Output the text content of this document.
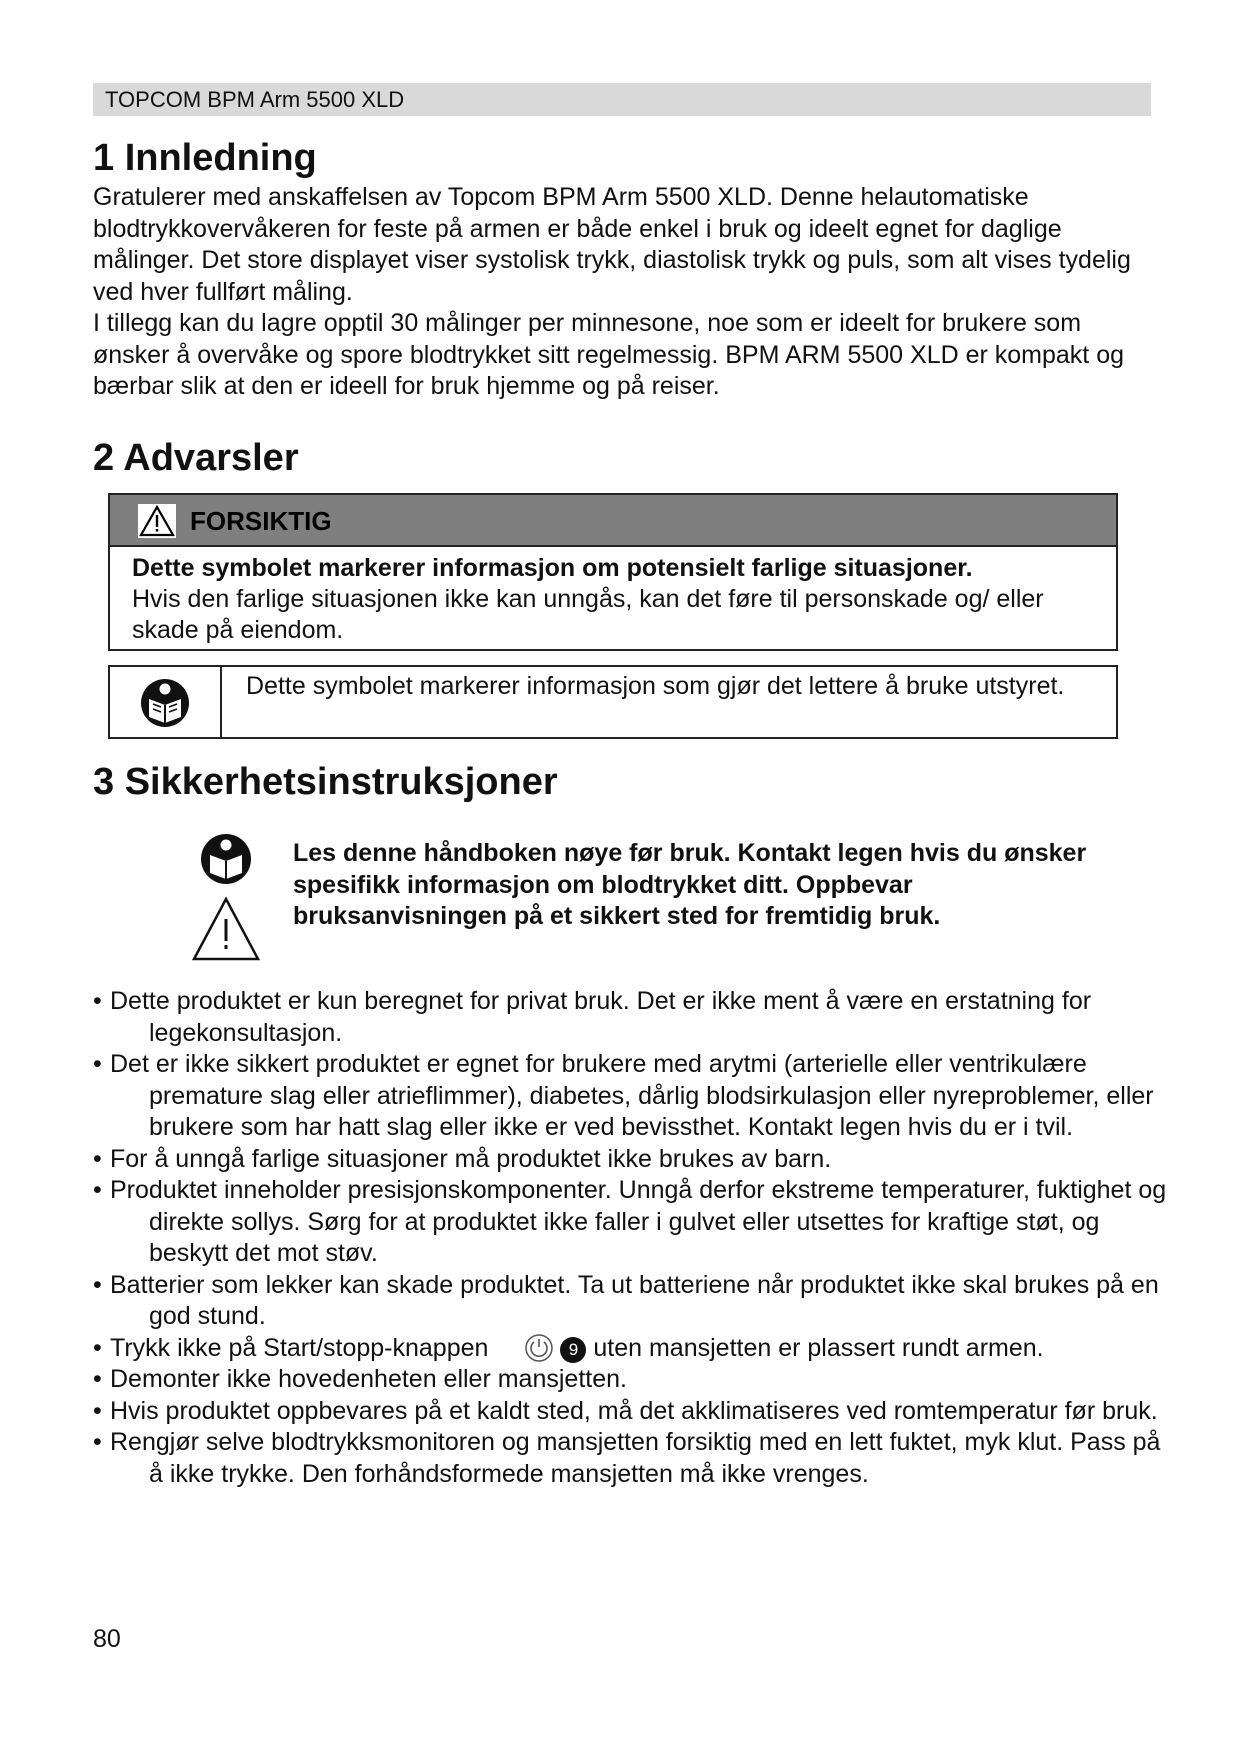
TOPCOM BPM Arm 5500 XLD
1 Innledning

Gratulerer med anskaffelsen av Topcom BPM Arm 5500 XLD. Denne helautomatiske blodtrykkovervåkeren for feste på armen er både enkel i bruk og ideelt egnet for daglige målinger. Det store displayet viser systolisk trykk, diastolisk trykk og puls, som alt vises tydelig ved hver fullført måling.

I tillegg kan du lagre opptil 30 målinger per minnesone, noe som er ideelt for brukere som ønsker å overvåke og spore blodtrykket sitt regelmessig. BPM ARM 5500 XLD er kompakt og bærbar slik at den er ideell for bruk hjemme og på reiser.

2 Advarsler
FORSIKTIG
Dette symbolet markerer informasjon om potensielt farlige situasjoner.
Hvis den farlige situasjonen ikke kan unngås, kan det føre til personskade og/ eller skade på eiendom.
Dette symbolet markerer informasjon som gjør det lettere å bruke utstyret.
3 Sikkerhetsinstruksjoner
Les denne håndboken nøye før bruk. Kontakt legen hvis du ønsker spesifikk informasjon om blodtrykket ditt. Oppbevar bruksanvisningen på et sikkert sted for fremtidig bruk.
• Dette produktet er kun beregnet for privat bruk. Det er ikke ment å være en erstatning for legekonsultasjon.
• Det er ikke sikkert produktet er egnet for brukere med arytmi (arterielle eller ventrikulære premature slag eller atrieflimmer), diabetes, dårlig blodsirkulasjon eller nyreproblemer, eller brukere som har hatt slag eller ikke er ved bevissthet. Kontakt legen hvis du er i tvil.
• For å unngå farlige situasjoner må produktet ikke brukes av barn.
• Produktet inneholder presisjonskomponenter. Unngå derfor ekstreme temperaturer, fuktighet og direkte sollys. Sørg for at produktet ikke faller i gulvet eller utsettes for kraftige støt, og beskytt det mot støv.
• Batterier som lekker kan skade produktet. Ta ut batteriene når produktet ikke skal brukes på en god stund.
• Trykk ikke på Start/stopp-knappen	9 uten mansjetten er plassert rundt armen.
• Demonter ikke hovedenheten eller mansjetten.
• Hvis produktet oppbevares på et kaldt sted, må det akklimatiseres ved romtemperatur før bruk.
• Rengjør selve blodtrykksmonitoren og mansjetten forsiktig med en lett fuktet, myk klut. Pass på å ikke trykke. Den forhåndsformede mansjetten må ikke vrenges.
80
